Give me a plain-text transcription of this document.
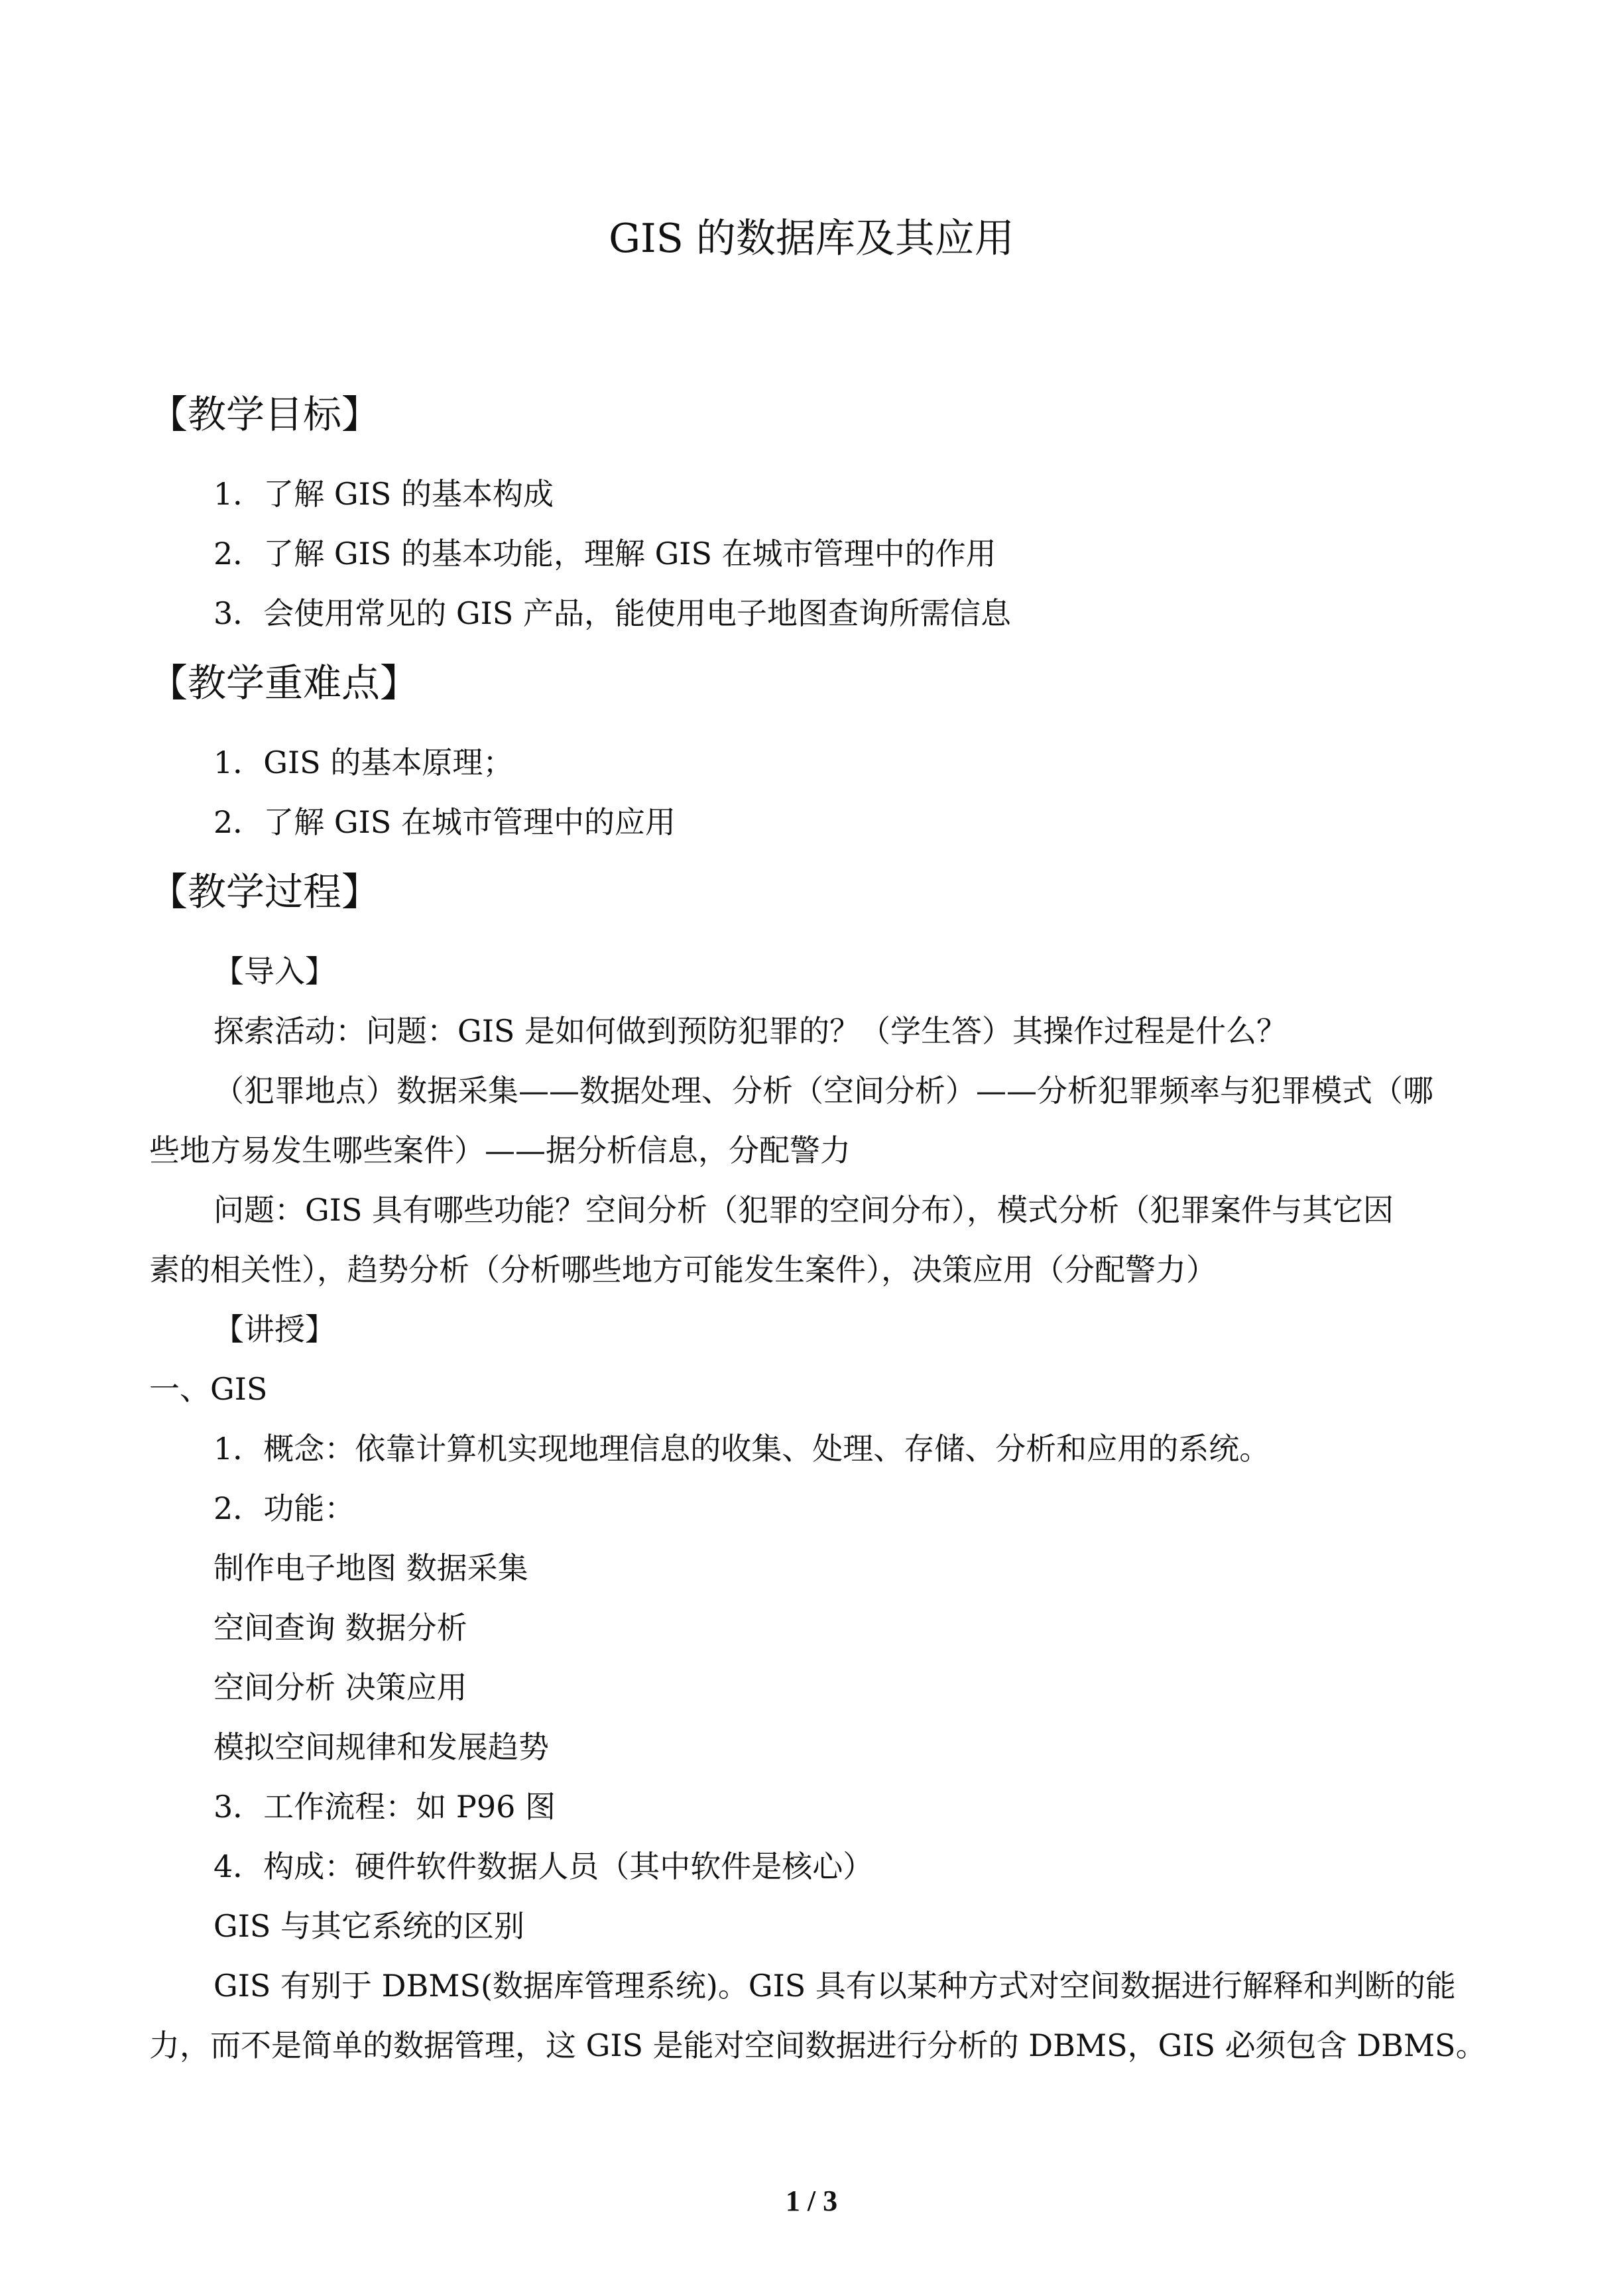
GIS 的数据库及其应用
【教学目标】
1．了解 GIS 的基本构成
2．了解 GIS 的基本功能，理解 GIS 在城市管理中的作用
3．会使用常见的 GIS 产品，能使用电子地图查询所需信息
【教学重难点】
1．GIS 的基本原理；
2．了解 GIS 在城市管理中的应用
【教学过程】
【导入】
探索活动：问题：GIS 是如何做到预防犯罪的？（学生答）其操作过程是什么？
（犯罪地点）数据采集——数据处理、分析（空间分析）——分析犯罪频率与犯罪模式（哪
些地方易发生哪些案件）——据分析信息，分配警力
问题：GIS 具有哪些功能？空间分析（犯罪的空间分布），模式分析（犯罪案件与其它因
素的相关性），趋势分析（分析哪些地方可能发生案件），决策应用（分配警力）
【讲授】
一、GIS
1．概念：依靠计算机实现地理信息的收集、处理、存储、分析和应用的系统。
2．功能：
制作电子地图 数据采集
空间查询 数据分析
空间分析 决策应用
模拟空间规律和发展趋势
3．工作流程：如 P96 图
4．构成：硬件软件数据人员（其中软件是核心）
GIS 与其它系统的区别
GIS 有别于 DBMS(数据库管理系统)。GIS 具有以某种方式对空间数据进行解释和判断的能
力，而不是简单的数据管理，这 GIS 是能对空间数据进行分析的 DBMS，GIS 必须包含 DBMS。
1 / 3
